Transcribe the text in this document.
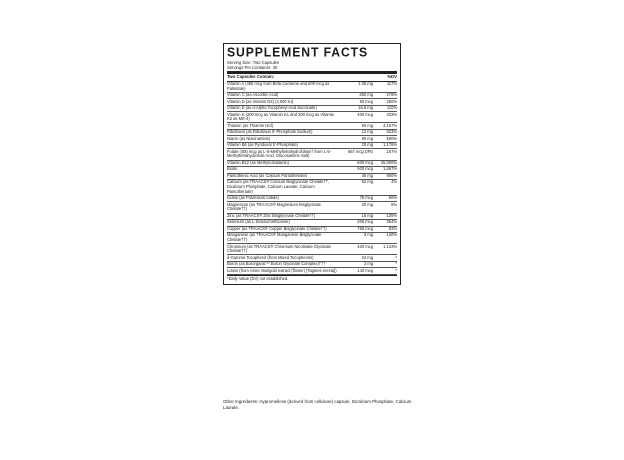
SUPPLEMENT FACTS
Serving Size: Two Capsules
Servings Per Container: 30
Two Capsules Contain:	%DV
Vitamin A (450 mcg from Beta Carotene and 600 mcg as Palmitate)
1.05 mg	117%
Vitamin C (as Ascorbic Acid)	250 mg	278%
Vitamin D (as Vitamin D3) (2,000 IU)	50 mcg	250%
Vitamin E (as d-Alpha Tocopheryl Acid Succinate)	16.5 mg	110%
Vitamin K (200 mcg as Vitamin K1 and 200 mcg as Vitamin K2 as MK-4)
400 mcg	333%
Thiamin (as Thiamin HCl)	50 mg	4,167%
Riboflavin (as Riboflavin 5'-Phosphate Sodium)	12 mg	923%
Niacin (as Niacinamide)	80 mg	500%
Vitamin B6 (as Pyridoxal 5'-Phosphate)	20 mg	1,176%
Folate (400 mcg as L-5-Methyltetrahydrofolate† from L-5-Methyltetrahydrofolic Acid, Glucosamine Salt)
667 mcg DFE	167%
Vitamin B12 (as Methylcobalamin)	600 mcg	25,000%
Biotin	500 mcg	1,667%
Pantothenic Acid (as Calcium Pantothenate)	45 mg	900%
Calcium (as TRAACS® Calcium Bisglycinate Chelate††, Dicalcium Phosphate, Calcium Laurate, Calcium Pantothenate)
52 mg	4%
Iodine (as Potassium Iodide)	75 mcg	50%
Magnesium (as TRAACS® Magnesium Bisglycinate Chelate††)
20 mg	5%
Zinc (as TRAACS® Zinc Bisglycinate Chelate††)	15 mg	136%
Selenium (as L-Selenomethionine)	200 mcg	364%
Copper (as TRAACS® Copper Bisglycinate Chelate††)	750 mcg	83%
Manganese (as TRAACS® Manganese Bisglycinate Chelate††)
3 mg	130%
Chromium (as TRAACS® Chromium Nicotinate Glycinate Chelate††)
400 mcg	1,143%
d-Gamma Tocopherol (from Mixed Tocopherols)	24 mg	*
Boron (as Bororganic™ Boron Glycinate Complex)†††	2 mg	*
Lutein (from Aztec Marigold extract (flower) [Tagetes erecta])	140 mcg	*
*Daily Value (DV) not established.
Other Ingredients: Hypromellose (derived from cellulose) capsule, Dicalcium Phosphate, Calcium Laurate.
